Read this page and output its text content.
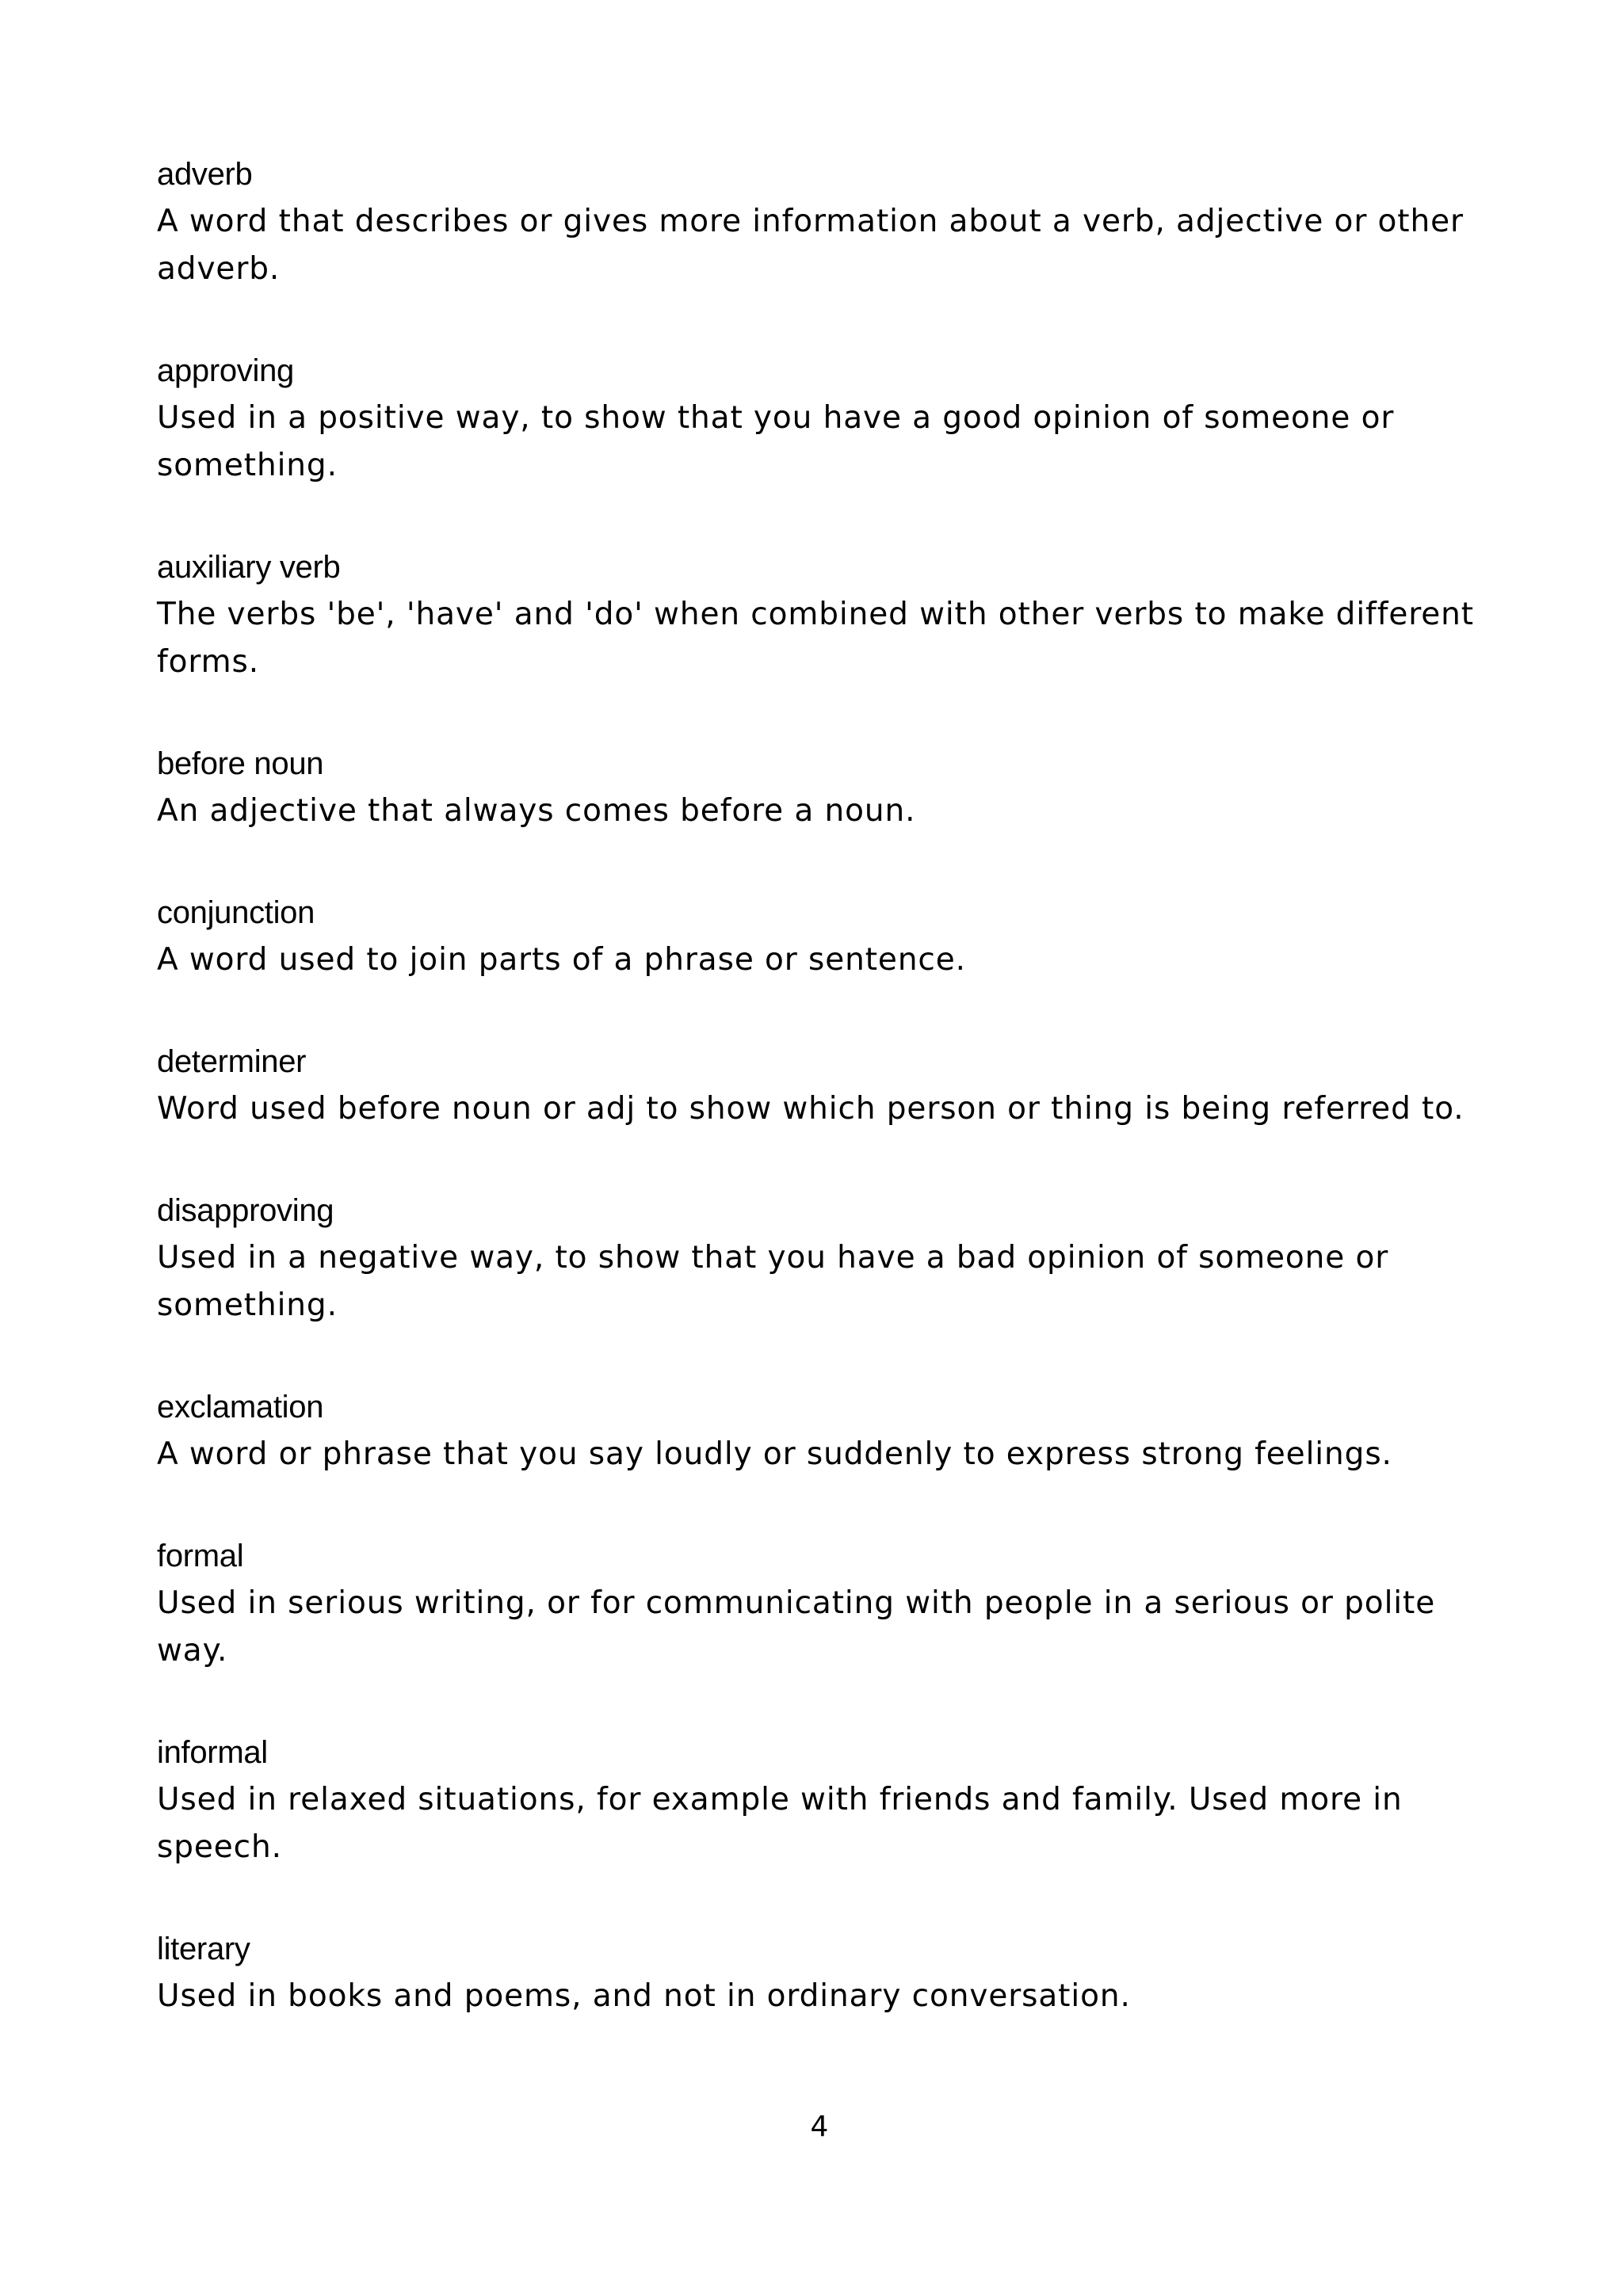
adverb

A word that describes or gives more information about a verb, adjective or other adverb.

approving

Used in a positive way, to show that you have a good opinion of someone or something.

auxiliary verb

The verbs 'be', 'have' and 'do' when combined with other verbs to make different forms.

before noun

An adjective that always comes before a noun.

conjunction

A word used to join parts of a phrase or sentence.

determiner

Word used before noun or adj to show which person or thing is being referred to.

disapproving

Used in a negative way, to show that you have a bad opinion of someone or something.

exclamation

A word or phrase that you say loudly or suddenly to express strong feelings.

formal

Used in serious writing, or for communicating with people in a serious or polite way.

informal

Used in relaxed situations, for example with friends and family. Used more in speech.

literary

Used in books and poems, and not in ordinary conversation.

4
